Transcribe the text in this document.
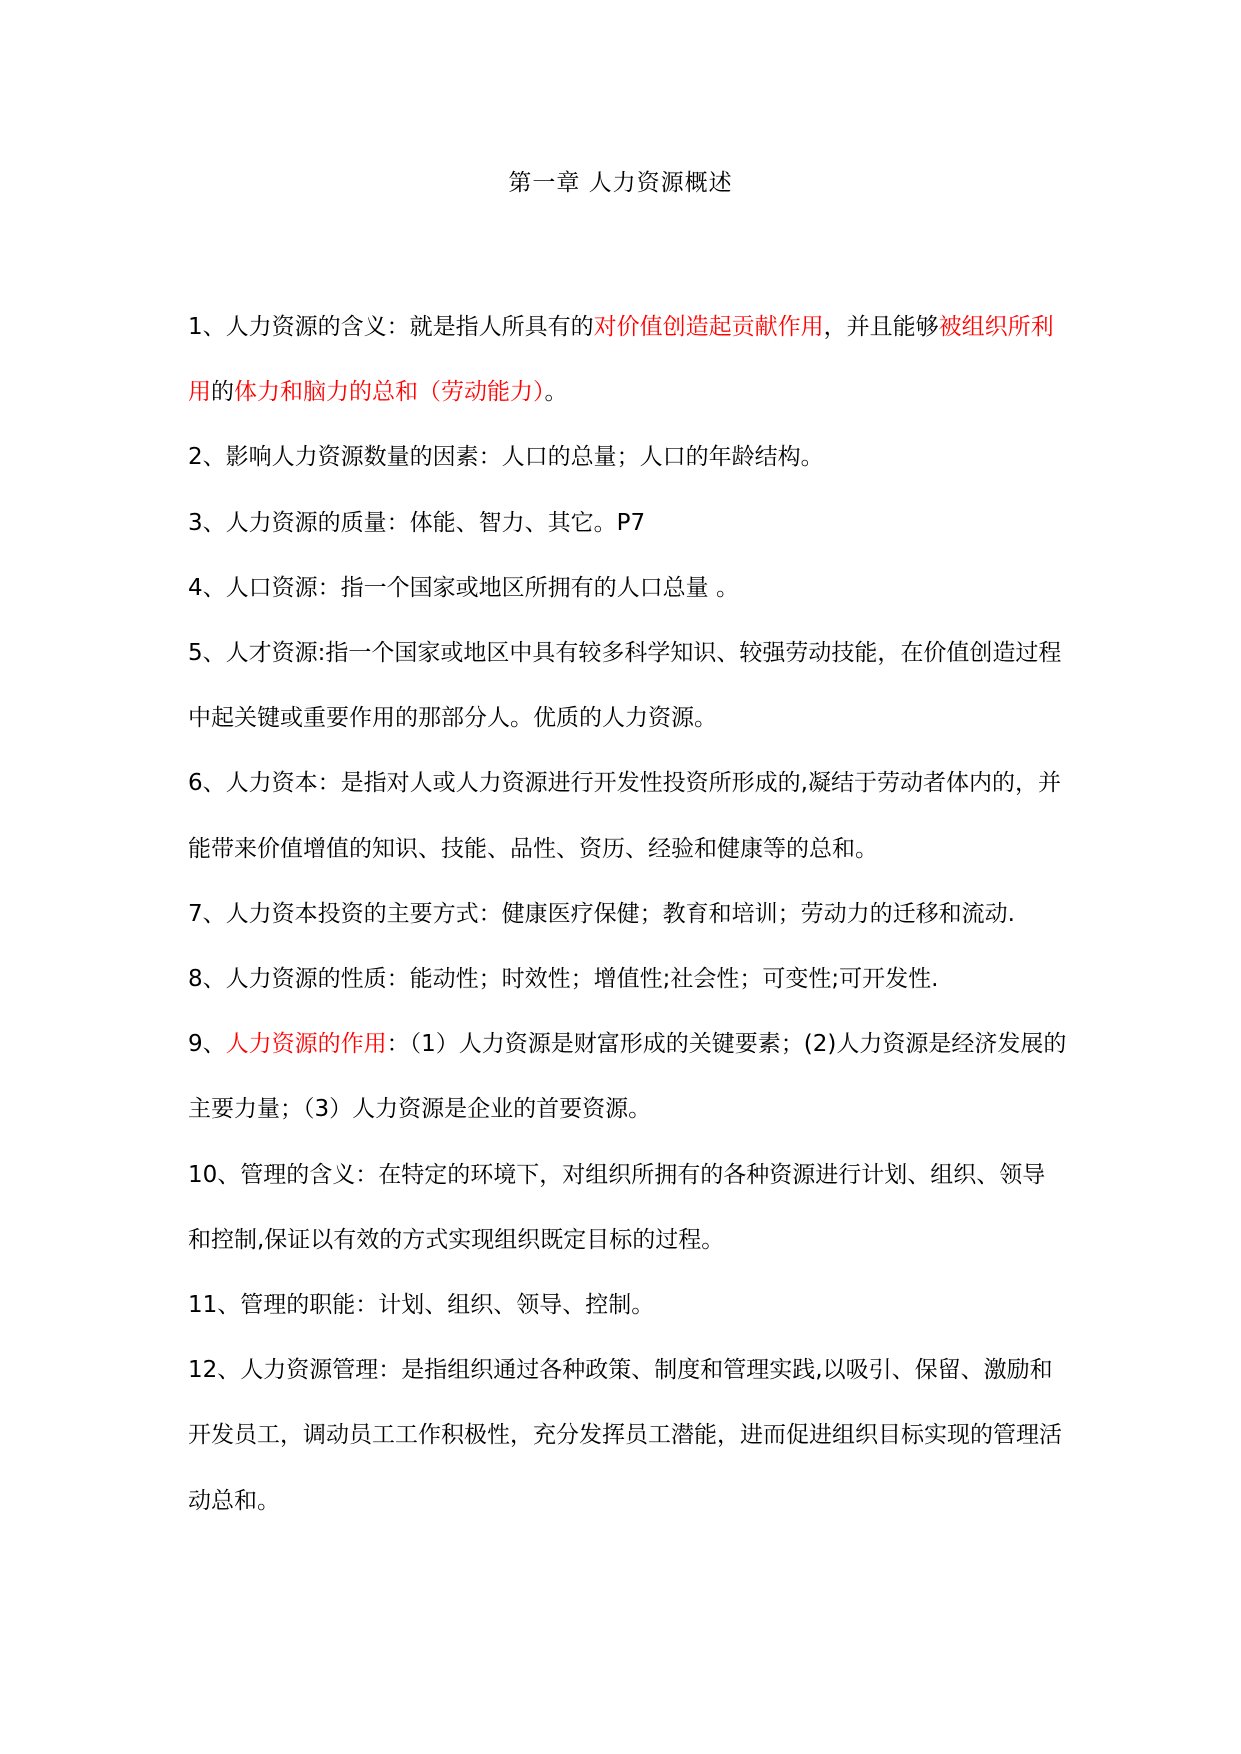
第一章 人力资源概述
1、人力资源的含义：就是指人所具有的对价值创造起贡献作用，并且能够被组织所利用的体力和脑力的总和（劳动能力）。
2、影响人力资源数量的因素：人口的总量；人口的年龄结构。
3、人力资源的质量：体能、智力、其它。P7
4、人口资源：指一个国家或地区所拥有的人口总量 。
5、人才资源:指一个国家或地区中具有较多科学知识、较强劳动技能，在价值创造过程中起关键或重要作用的那部分人。优质的人力资源。
6、人力资本：是指对人或人力资源进行开发性投资所形成的,凝结于劳动者体内的，并能带来价值增值的知识、技能、品性、资历、经验和健康等的总和。
7、人力资本投资的主要方式：健康医疗保健；教育和培训；劳动力的迁移和流动.
8、人力资源的性质：能动性；时效性；增值性;社会性；可变性;可开发性.
9、人力资源的作用：（1）人力资源是财富形成的关键要素；(2)人力资源是经济发展的主要力量；（3）人力资源是企业的首要资源。
10、管理的含义：在特定的环境下，对组织所拥有的各种资源进行计划、组织、领导和控制,保证以有效的方式实现组织既定目标的过程。
11、管理的职能：计划、组织、领导、控制。
12、人力资源管理：是指组织通过各种政策、制度和管理实践,以吸引、保留、激励和开发员工，调动员工工作积极性，充分发挥员工潜能，进而促进组织目标实现的管理活动总和。
